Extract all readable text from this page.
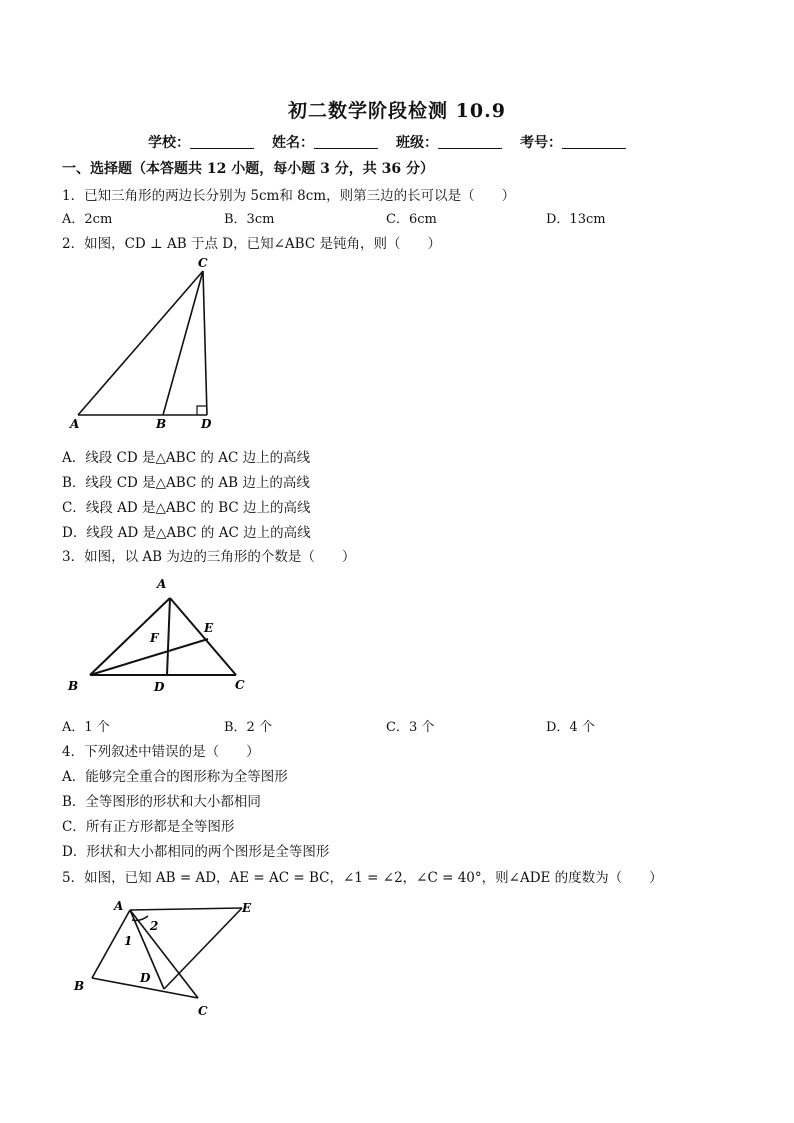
初二数学阶段检测 10.9
学校：	姓名：	班级：	考号：
一、选择题（本答题共 12 小题，每小题 3 分，共 36 分）
1．已知三角形的两边长分别为 5cm和 8cm，则第三边的长可以是（　　）
A．2cm	B．3cm	C．6cm	D．13cm
2．如图，CD ⊥ AB 于点 D，已知∠ABC 是钝角，则（　　）
C
A	B	D
A．线段 CD 是△ABC 的 AC 边上的高线
B．线段 CD 是△ABC 的 AB 边上的高线
C．线段 AD 是△ABC 的 BC 边上的高线
D．线段 AD 是△ABC 的 AC 边上的高线
3．如图，以 AB 为边的三角形的个数是（　　）
A
B	C
D
E
F
A．1 个	B．2 个	C．3 个	D．4 个
4．下列叙述中错误的是（　　）
A．能够完全重合的图形称为全等图形
B．全等图形的形状和大小都相同
C．所有正方形都是全等图形
D．形状和大小都相同的两个图形是全等图形
5．如图，已知 AB = AD，AE = AC = BC，∠1 = ∠2，∠C = 40°，则∠ADE 的度数为（　　）
A	E
B
D
C
1
2
